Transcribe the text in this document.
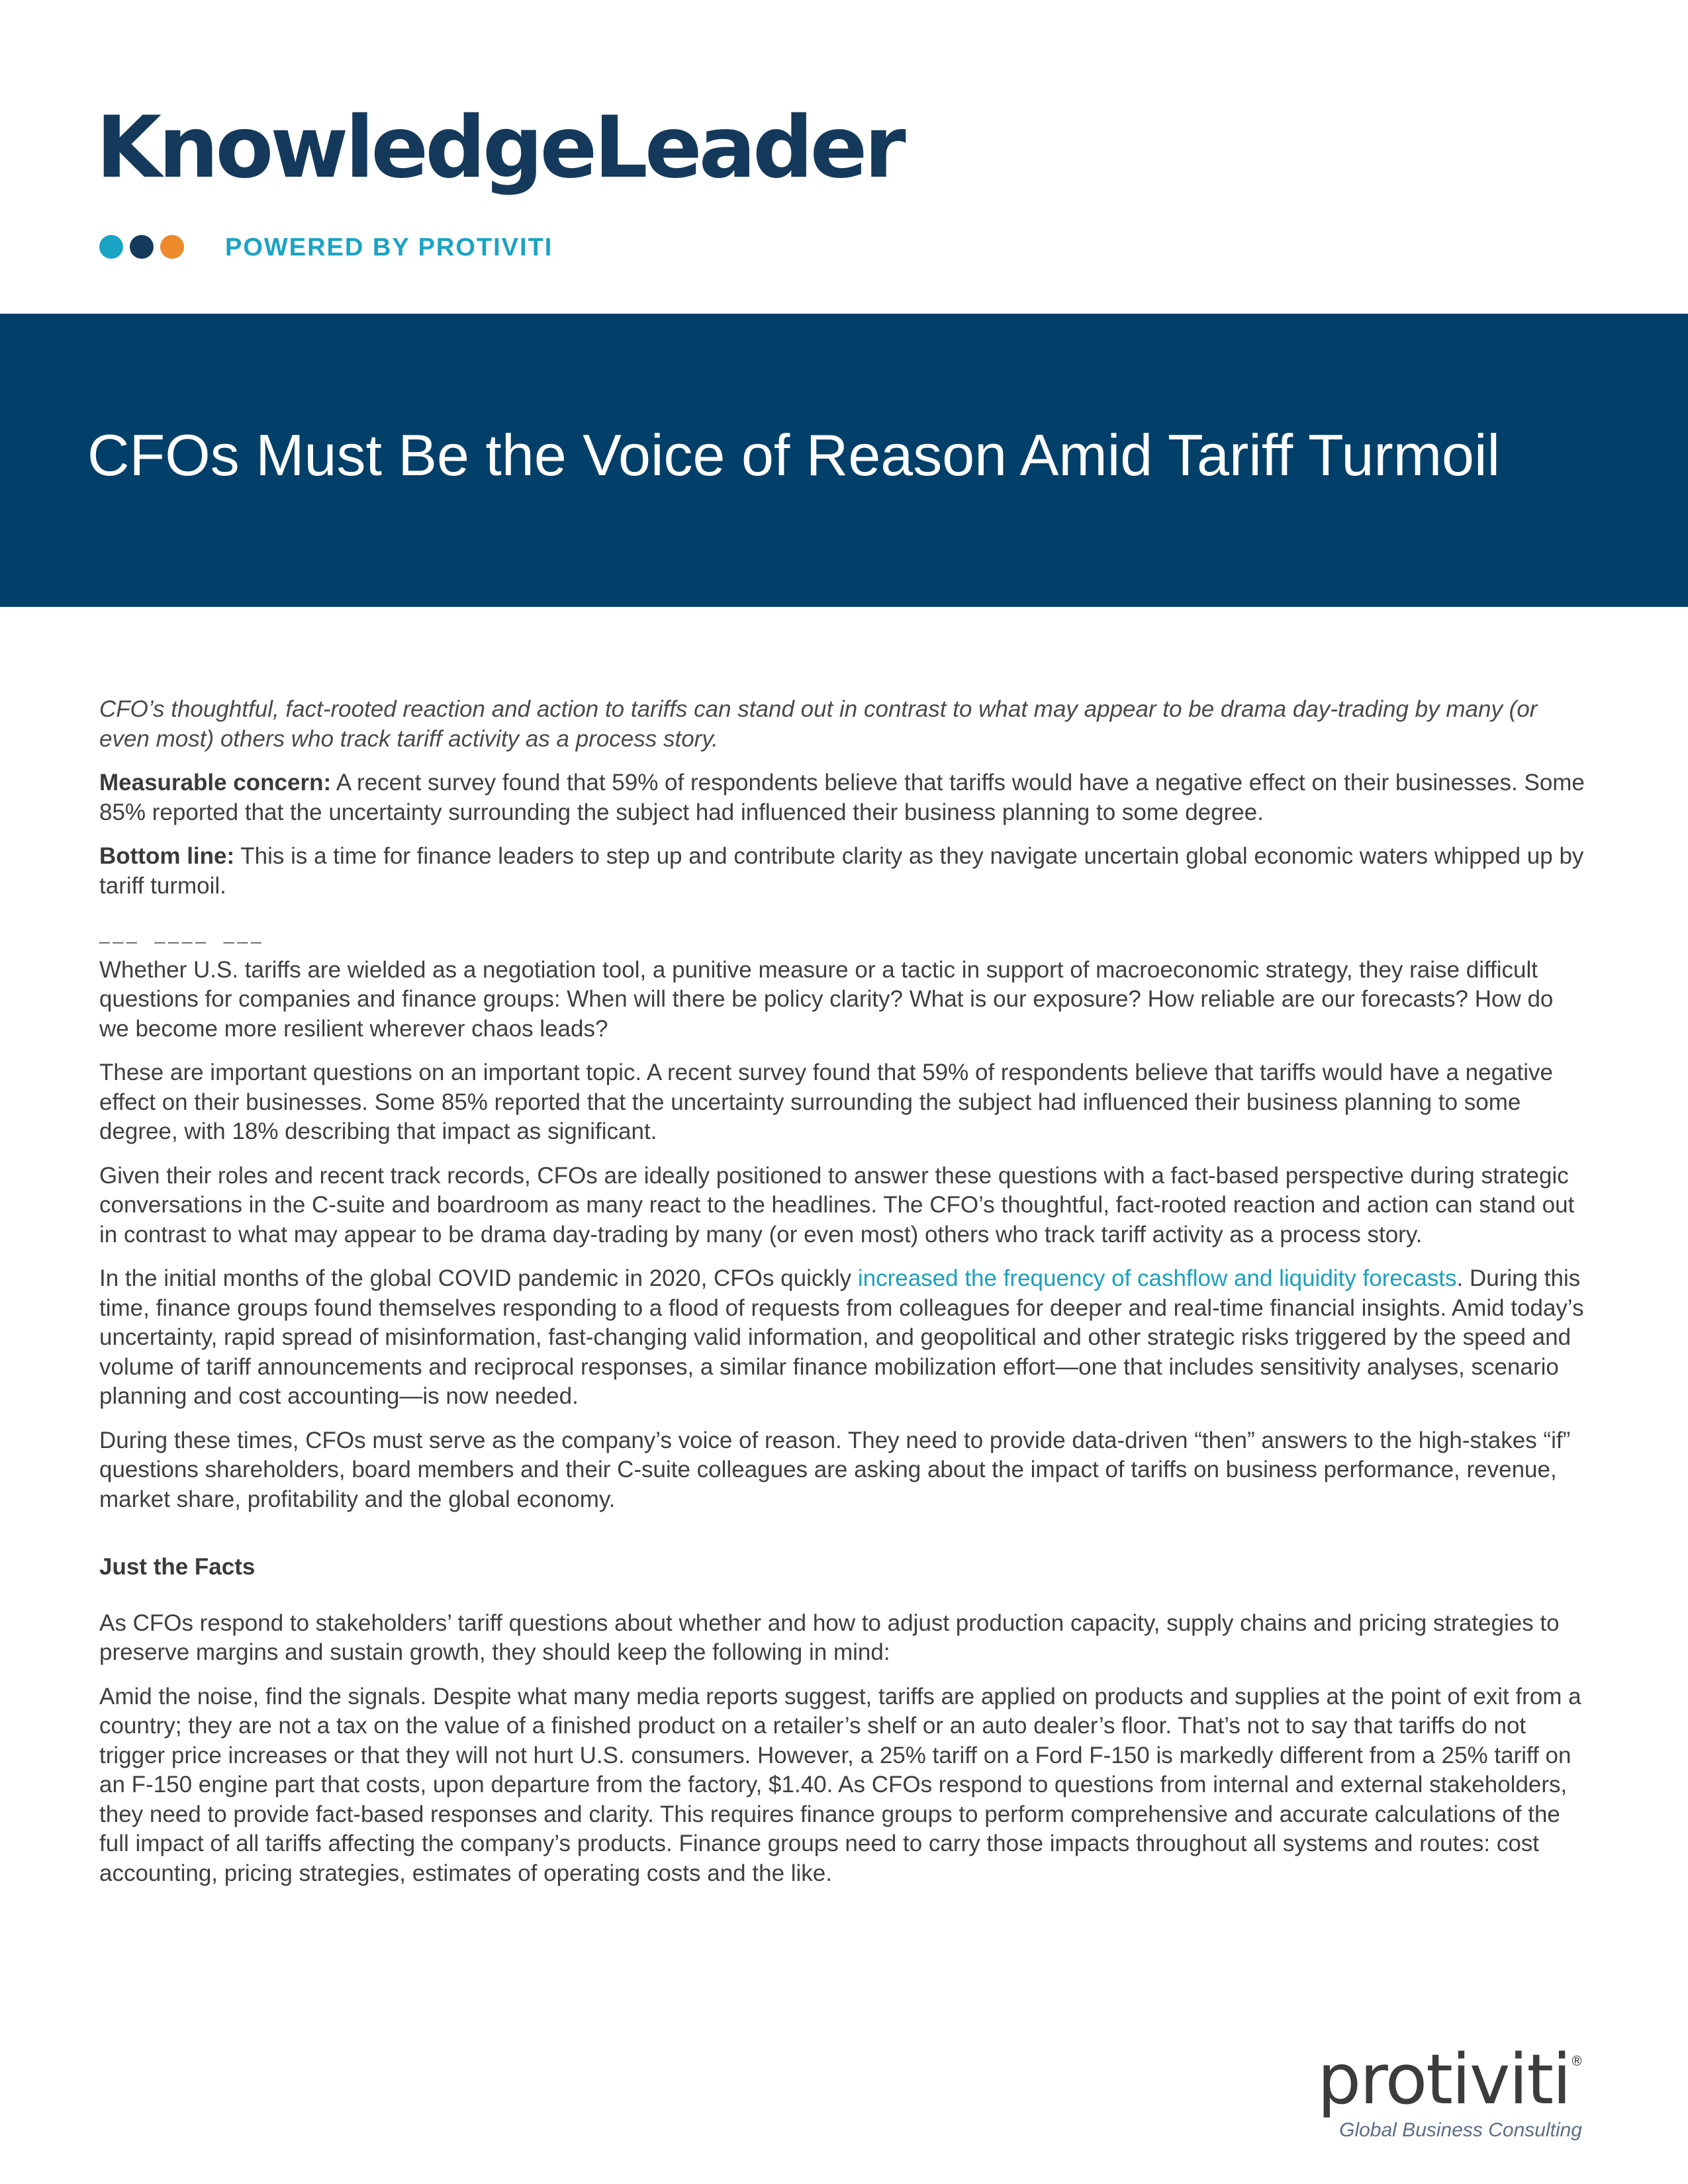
KnowledgeLeader
POWERED BY PROTIVITI
CFOs Must Be the Voice of Reason Amid Tariff Turmoil

CFO’s thoughtful, fact-rooted reaction and action to tariffs can stand out in contrast to what may appear to be drama day-trading by many (or even most) others who track tariff activity as a process story.

Measurable concern: A recent survey found that 59% of respondents believe that tariffs would have a negative effect on their businesses. Some 85% reported that the uncertainty surrounding the subject had influenced their business planning to some degree.

Bottom line: This is a time for finance leaders to step up and contribute clarity as they navigate uncertain global economic waters whipped up by tariff turmoil.

___ ____ ___

Whether U.S. tariffs are wielded as a negotiation tool, a punitive measure or a tactic in support of macroeconomic strategy, they raise difficult questions for companies and finance groups: When will there be policy clarity? What is our exposure? How reliable are our forecasts? How do we become more resilient wherever chaos leads?

These are important questions on an important topic. A recent survey found that 59% of respondents believe that tariffs would have a negative effect on their businesses. Some 85% reported that the uncertainty surrounding the subject had influenced their business planning to some degree, with 18% describing that impact as significant.

Given their roles and recent track records, CFOs are ideally positioned to answer these questions with a fact-based perspective during strategic conversations in the C-suite and boardroom as many react to the headlines. The CFO’s thoughtful, fact-rooted reaction and action can stand out in contrast to what may appear to be drama day-trading by many (or even most) others who track tariff activity as a process story.

In the initial months of the global COVID pandemic in 2020, CFOs quickly increased the frequency of cashflow and liquidity forecasts. During this time, finance groups found themselves responding to a flood of requests from colleagues for deeper and real-time financial insights. Amid today’s uncertainty, rapid spread of misinformation, fast-changing valid information, and geopolitical and other strategic risks triggered by the speed and volume of tariff announcements and reciprocal responses, a similar finance mobilization effort—one that includes sensitivity analyses, scenario planning and cost accounting—is now needed.

During these times, CFOs must serve as the company’s voice of reason. They need to provide data-driven “then” answers to the high-stakes “if” questions shareholders, board members and their C-suite colleagues are asking about the impact of tariffs on business performance, revenue, market share, profitability and the global economy.

Just the Facts

As CFOs respond to stakeholders’ tariff questions about whether and how to adjust production capacity, supply chains and pricing strategies to preserve margins and sustain growth, they should keep the following in mind:

Amid the noise, find the signals. Despite what many media reports suggest, tariffs are applied on products and supplies at the point of exit from a country; they are not a tax on the value of a finished product on a retailer’s shelf or an auto dealer’s floor. That’s not to say that tariffs do not trigger price increases or that they will not hurt U.S. consumers. However, a 25% tariff on a Ford F-150 is markedly different from a 25% tariff on an F-150 engine part that costs, upon departure from the factory, $1.40. As CFOs respond to questions from internal and external stakeholders, they need to provide fact-based responses and clarity. This requires finance groups to perform comprehensive and accurate calculations of the full impact of all tariffs affecting the company’s products. Finance groups need to carry those impacts throughout all systems and routes: cost accounting, pricing strategies, estimates of operating costs and the like.

protiviti®
Global Business Consulting
